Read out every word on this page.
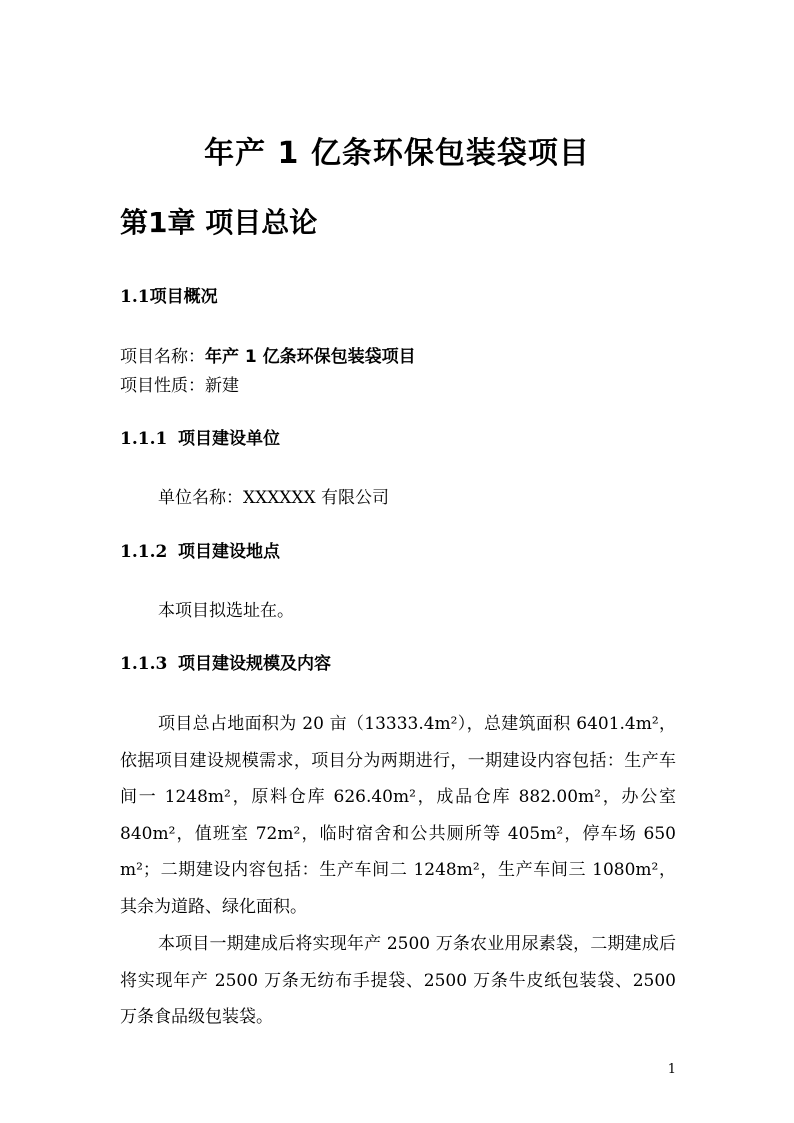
年产 1 亿条环保包装袋项目
第1章 项目总论
1.1项目概况
项目名称：年产 1 亿条环保包装袋项目
项目性质：新建
1.1.1 项目建设单位
单位名称：XXXXXX 有限公司
1.1.2 项目建设地点
本项目拟选址在。
1.1.3 项目建设规模及内容
项目总占地面积为 20 亩（13333.4m²），总建筑面积 6401.4m²，依据项目建设规模需求，项目分为两期进行，一期建设内容包括：生产车间一 1248m²，原料仓库 626.40m²，成品仓库 882.00m²，办公室 840m²，值班室 72m²，临时宿舍和公共厕所等 405m²，停车场 650 m²；二期建设内容包括：生产车间二 1248m²，生产车间三 1080m²，其余为道路、绿化面积。
本项目一期建成后将实现年产 2500 万条农业用尿素袋，二期建成后将实现年产 2500 万条无纺布手提袋、2500 万条牛皮纸包装袋、2500 万条食品级包装袋。
1
